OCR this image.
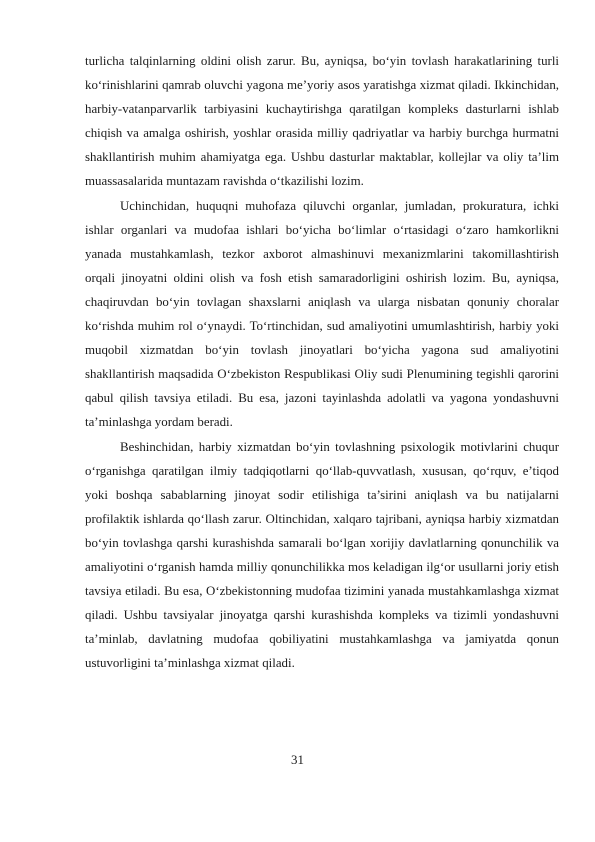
turlicha talqinlarning oldini olish zarur. Bu, ayniqsa, bo‘yin tovlash harakatlarining turli ko‘rinishlarini qamrab oluvchi yagona me’yoriy asos yaratishga xizmat qiladi. Ikkinchidan, harbiy-vatanparvarlik tarbiyasini kuchaytirishga qaratilgan kompleks dasturlarni ishlab chiqish va amalga oshirish, yoshlar orasida milliy qadriyatlar va harbiy burchga hurmatni shakllantirish muhim ahamiyatga ega. Ushbu dasturlar maktablar, kollejlar va oliy ta’lim muassasalarida muntazam ravishda o‘tkazilishi lozim.

Uchinchidan, huquqni muhofaza qiluvchi organlar, jumladan, prokuratura, ichki ishlar organlari va mudofaa ishlari bo‘yicha bo‘limlar o‘rtasidagi o‘zaro hamkorlikni yanada mustahkamlash, tezkor axborot almashinuvi mexanizmlarini takomillashtirish orqali jinoyatni oldini olish va fosh etish samaradorligini oshirish lozim. Bu, ayniqsa, chaqiruvdan bo‘yin tovlagan shaxslarni aniqlash va ularga nisbatan qonuniy choralar ko‘rishda muhim rol o‘ynaydi. To‘rtinchidan, sud amaliyotini umumlashtirish, harbiy yoki muqobil xizmatdan bo‘yin tovlash jinoyatlari bo‘yicha yagona sud amaliyotini shakllantirish maqsadida O‘zbekiston Respublikasi Oliy sudi Plenumining tegishli qarorini qabul qilish tavsiya etiladi. Bu esa, jazoni tayinlashda adolatli va yagona yondashuvni ta’minlashga yordam beradi.

Beshinchidan, harbiy xizmatdan bo‘yin tovlashning psixologik motivlarini chuqur o‘rganishga qaratilgan ilmiy tadqiqotlarni qo‘llab-quvvatlash, xususan, qo‘rquv, e’tiqod yoki boshqa sabablarning jinoyat sodir etilishiga ta’sirini aniqlash va bu natijalarni profilaktik ishlarda qo‘llash zarur. Oltinchidan, xalqaro tajribani, ayniqsa harbiy xizmatdan bo‘yin tovlashga qarshi kurashishda samarali bo‘lgan xorijiy davlatlarning qonunchilik va amaliyotini o‘rganish hamda milliy qonunchilikka mos keladigan ilg‘or usullarni joriy etish tavsiya etiladi. Bu esa, O‘zbekistonning mudofaa tizimini yanada mustahkamlashga xizmat qiladi. Ushbu tavsiyalar jinoyatga qarshi kurashishda kompleks va tizimli yondashuvni ta’minlab, davlatning mudofaa qobiliyatini mustahkamlashga va jamiyatda qonun ustuvorligini ta’minlashga xizmat qiladi.

31
